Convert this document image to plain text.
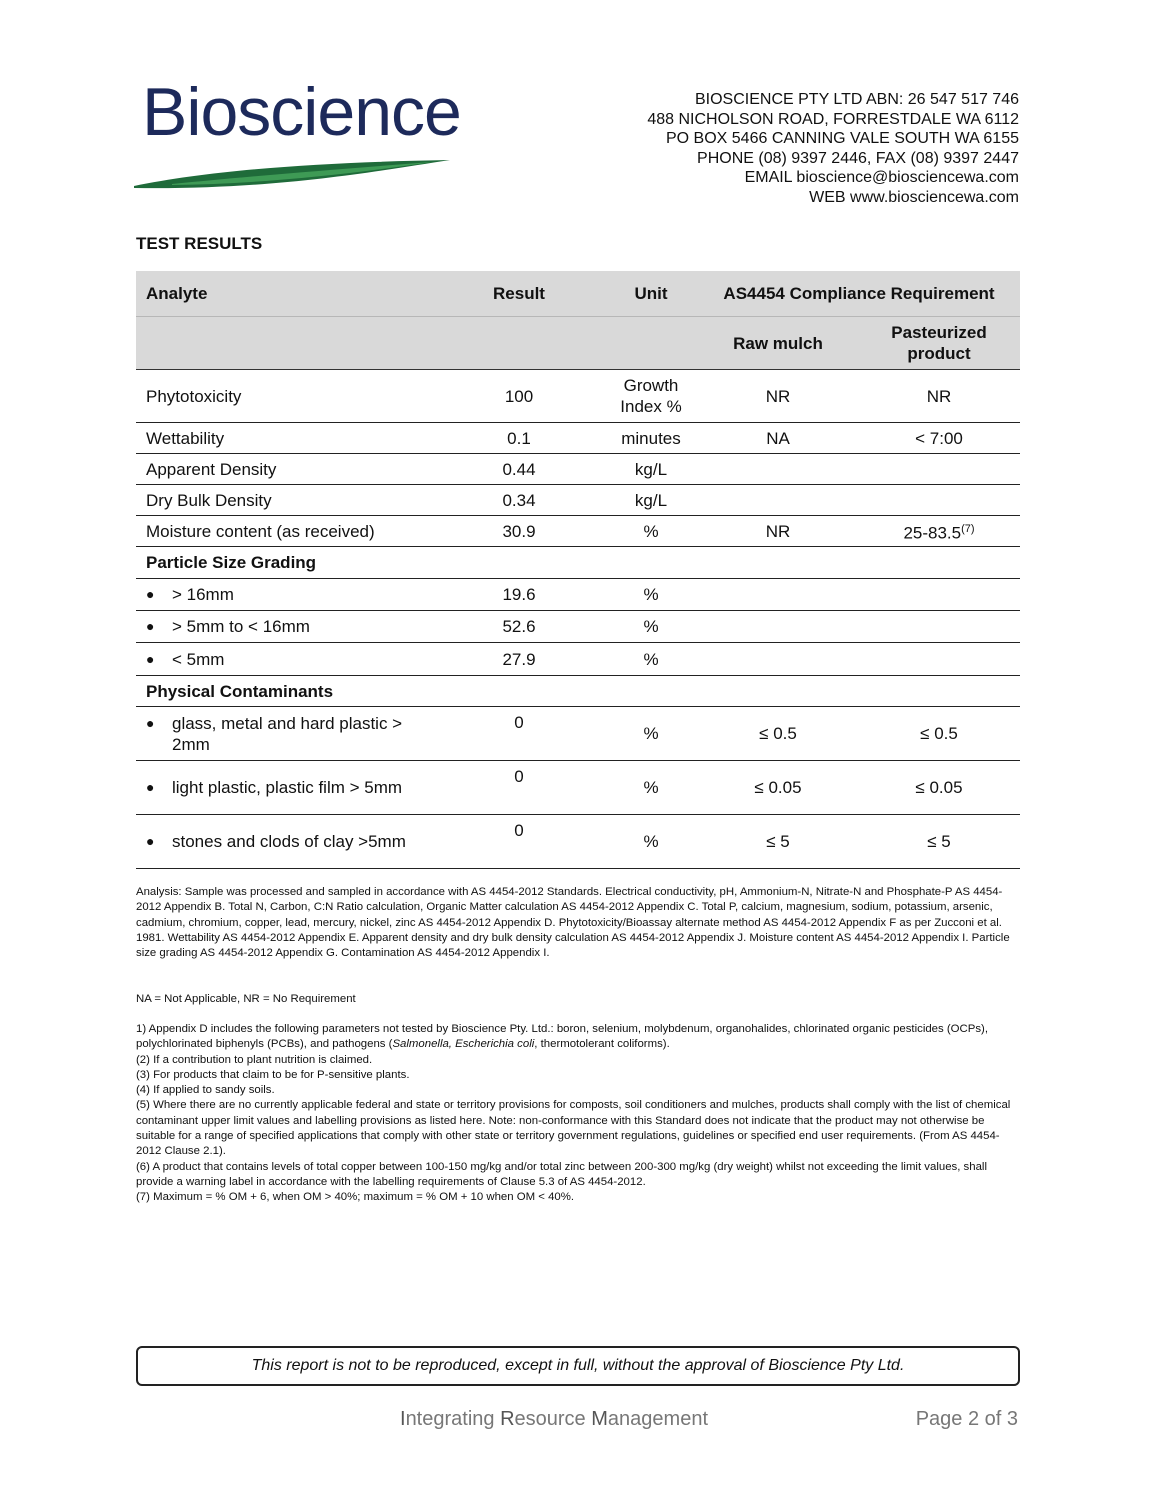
Bioscience	BIOSCIENCE PTY LTD ABN: 26 547 517 746
488 NICHOLSON ROAD, FORRESTDALE WA 6112
PO BOX 5466 CANNING VALE SOUTH WA 6155
PHONE (08) 9397 2446, FAX (08) 9397 2447
EMAIL bioscience@biosciencewa.com
WEB www.biosciencewa.com
TEST RESULTS
Analyte	Result	Unit	AS4454 Compliance Requirement	
			Raw mulch	Pasteurized product
Phytotoxicity	100	Growth Index %	NR	NR
Wettability	0.1	minutes	NA	< 7:00
Apparent Density	0.44	kg/L		
Dry Bulk Density	0.34	kg/L		
Moisture content (as received)	30.9	%	NR	25-83.5$^{(7)}$
Particle Size Grading				

● > 16mm	19.6	%		

● > 5mm to < 16mm	52.6	%		

● < 5mm	27.9	%		
Physical Contaminants				

● glass, metal and hard plastic > 2mm	0	%	≤ 0.5	≤ 0.5

● light plastic, plastic film > 5mm	0	%	≤ 0.05	≤ 0.05

● stones and clods of clay >5mm	0	%	≤ 5	≤ 5

Analysis: Sample was processed and sampled in accordance with AS 4454-2012 Standards. Electrical conductivity, pH, Ammonium-N, Nitrate-N and Phosphate-P AS 4454-2012 Appendix B. Total N, Carbon, C:N Ratio calculation, Organic Matter calculation AS 4454-2012 Appendix C. Total P, calcium, magnesium, sodium, potassium, arsenic, cadmium, chromium, copper, lead, mercury, nickel, zinc AS 4454-2012 Appendix D. Phytotoxicity/Bioassay alternate method AS 4454-2012 Appendix F as per Zucconi et al. 1981. Wettability AS 4454-2012 Appendix E. Apparent density and dry bulk density calculation AS 4454-2012 Appendix J. Moisture content AS 4454-2012 Appendix I. Particle size grading AS 4454-2012 Appendix G. Contamination AS 4454-2012 Appendix I.

NA = Not Applicable, NR = No Requirement

1) Appendix D includes the following parameters not tested by Bioscience Pty. Ltd.: boron, selenium, molybdenum, organohalides, chlorinated organic pesticides (OCPs), polychlorinated biphenyls (PCBs), and pathogens (Salmonella, Escherichia coli, thermotolerant coliforms).

(2) If a contribution to plant nutrition is claimed.

(3) For products that claim to be for P-sensitive plants.

(4) If applied to sandy soils.

(5) Where there are no currently applicable federal and state or territory provisions for composts, soil conditioners and mulches, products shall comply with the list of chemical contaminant upper limit values and labelling provisions as listed here. Note: non-conformance with this Standard does not indicate that the product may not otherwise be suitable for a range of specified applications that comply with other state or territory government regulations, guidelines or specified end user requirements. (From AS 4454-2012 Clause 2.1).

(6) A product that contains levels of total copper between 100-150 mg/kg and/or total zinc between 200-300 mg/kg (dry weight) whilst not exceeding the limit values, shall provide a warning label in accordance with the labelling requirements of Clause 5.3 of AS 4454-2012.

(7) Maximum = % OM + 6, when OM > 40%; maximum = % OM + 10 when OM < 40%.

This report is not to be reproduced, except in full, without the approval of Bioscience Pty Ltd.
Integrating Resource Management	Page 2 of 3
